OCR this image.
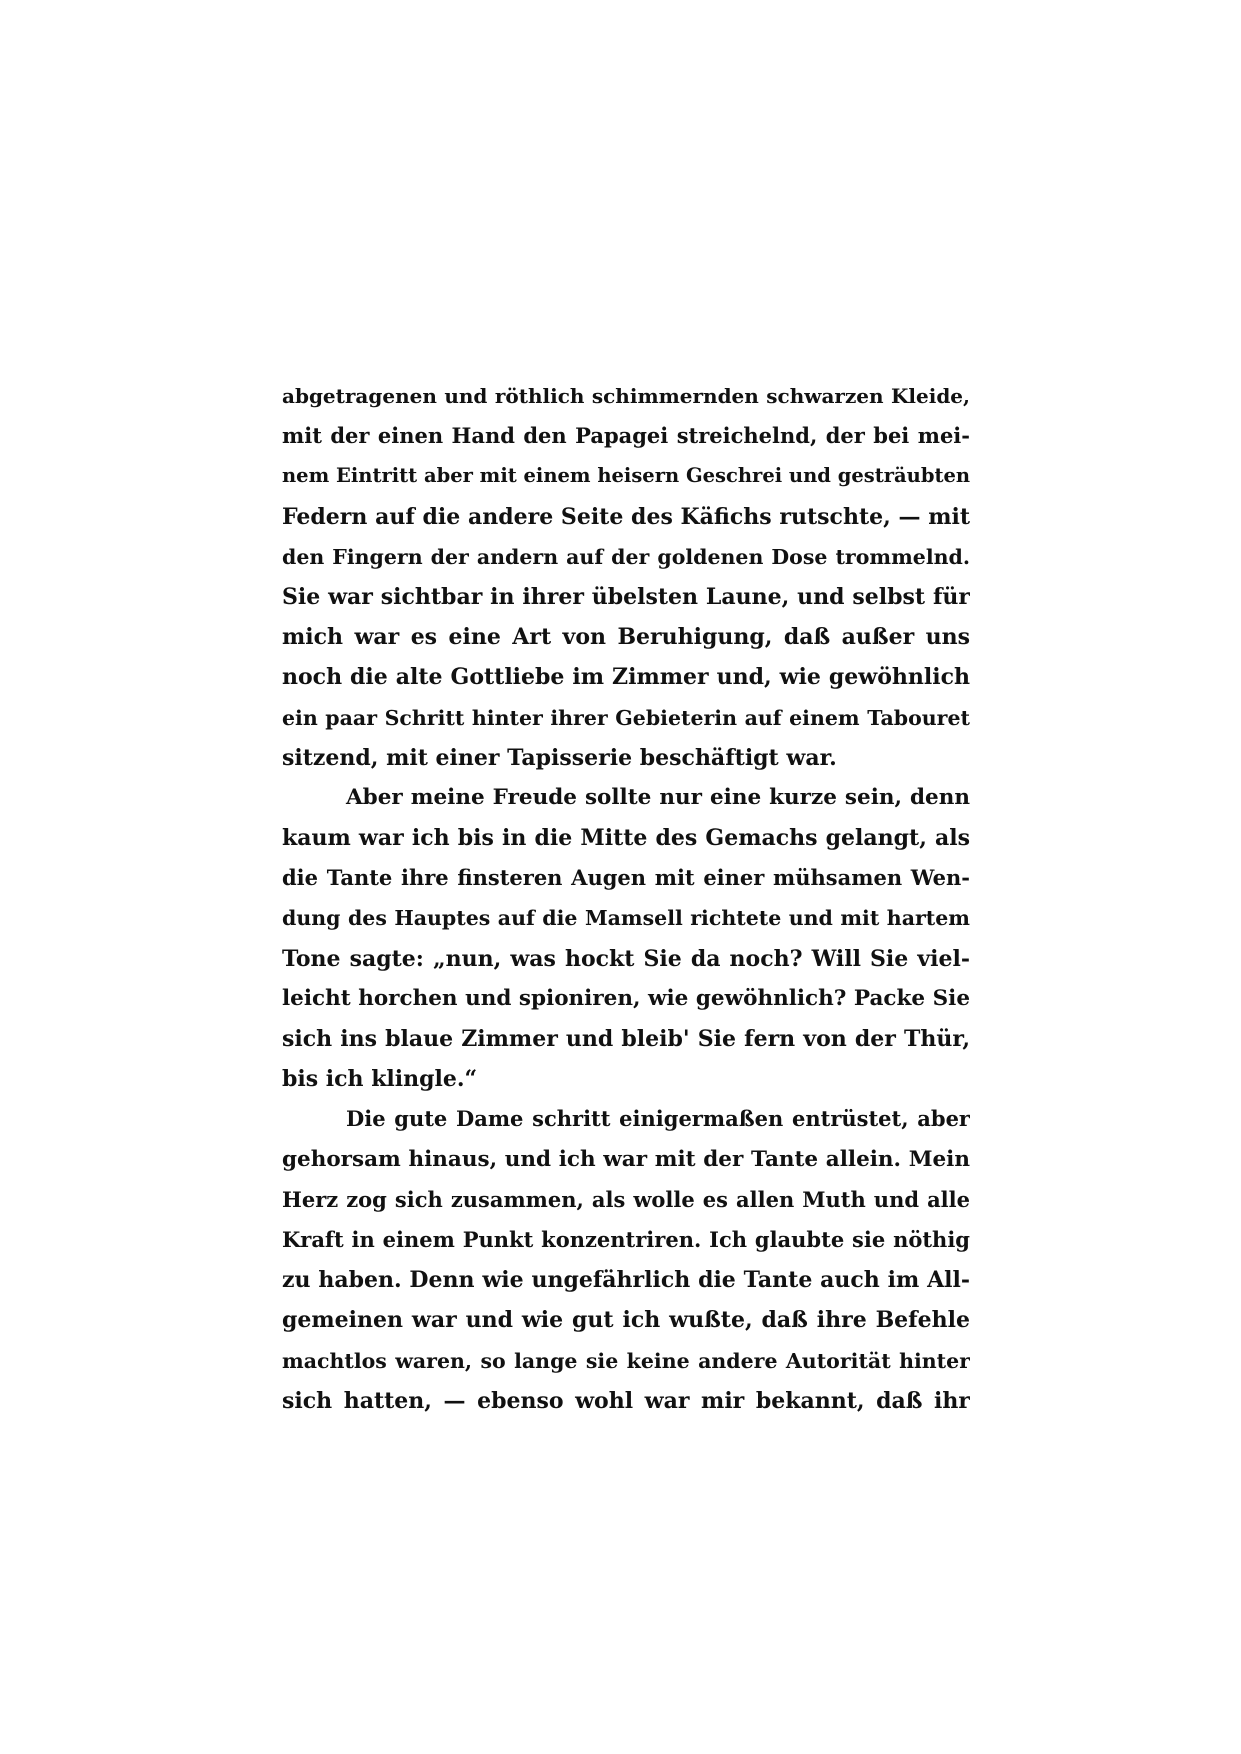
abgetragenen und röthlich schimmernden schwarzen Kleide,
mit der einen Hand den Papagei streichelnd, der bei mei-
nem Eintritt aber mit einem heisern Geschrei und gesträubten
Federn auf die andere Seite des Käfichs rutschte, — mit
den Fingern der andern auf der goldenen Dose trommelnd.
Sie war sichtbar in ihrer übelsten Laune, und selbst für
mich war es eine Art von Beruhigung, daß außer uns
noch die alte Gottliebe im Zimmer und, wie gewöhnlich
ein paar Schritt hinter ihrer Gebieterin auf einem Tabouret
sitzend, mit einer Tapisserie beschäftigt war.
Aber meine Freude sollte nur eine kurze sein, denn
kaum war ich bis in die Mitte des Gemachs gelangt, als
die Tante ihre finsteren Augen mit einer mühsamen Wen-
dung des Hauptes auf die Mamsell richtete und mit hartem
Tone sagte: „nun, was hockt Sie da noch? Will Sie viel-
leicht horchen und spioniren, wie gewöhnlich? Packe Sie
sich ins blaue Zimmer und bleib' Sie fern von der Thür,
bis ich klingle.“
Die gute Dame schritt einigermaßen entrüstet, aber
gehorsam hinaus, und ich war mit der Tante allein. Mein
Herz zog sich zusammen, als wolle es allen Muth und alle
Kraft in einem Punkt konzentriren. Ich glaubte sie nöthig
zu haben. Denn wie ungefährlich die Tante auch im All-
gemeinen war und wie gut ich wußte, daß ihre Befehle
machtlos waren, so lange sie keine andere Autorität hinter
sich hatten, — ebenso wohl war mir bekannt, daß ihr
